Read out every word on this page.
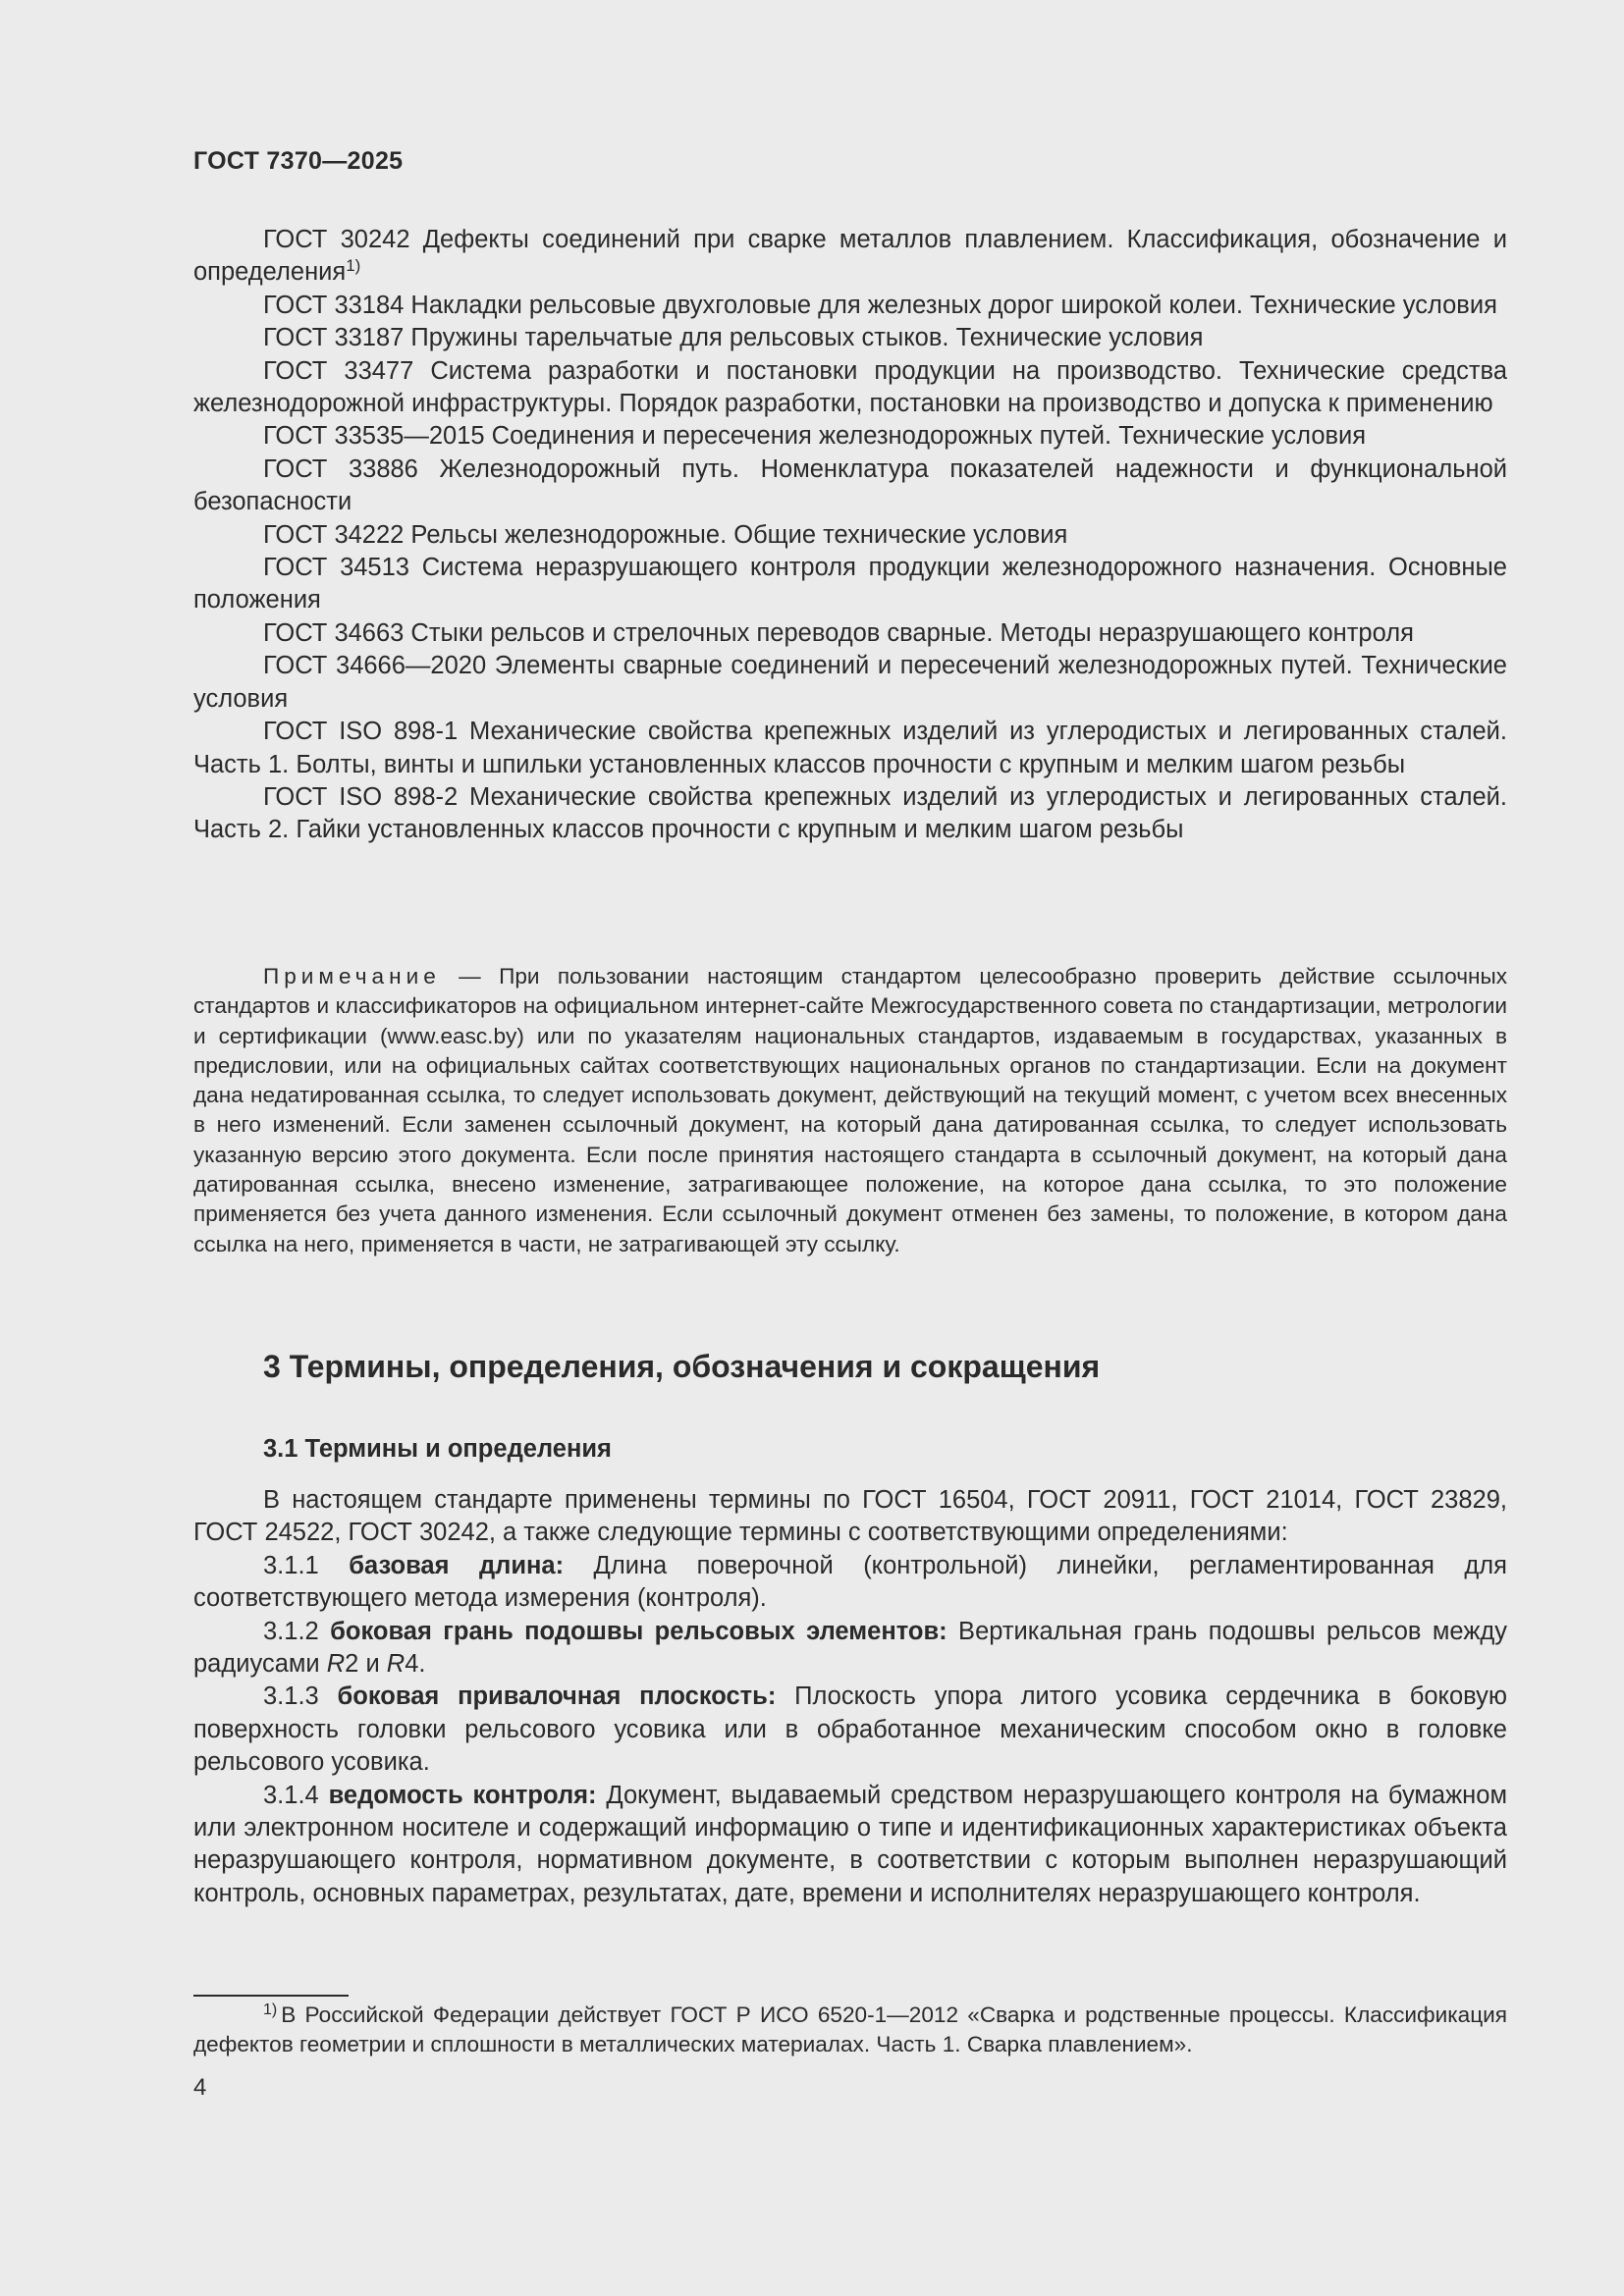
ГОСТ 7370—2025

ГОСТ 30242 Дефекты соединений при сварке металлов плавлением. Классификация, обозначение и определения$^{1)}$

ГОСТ 33184 Накладки рельсовые двухголовые для железных дорог широкой колеи. Технические условия

ГОСТ 33187 Пружины тарельчатые для рельсовых стыков. Технические условия

ГОСТ 33477 Система разработки и постановки продукции на производство. Технические средства железнодорожной инфраструктуры. Порядок разработки, постановки на производство и допуска к применению

ГОСТ 33535—2015 Соединения и пересечения железнодорожных путей. Технические условия

ГОСТ 33886 Железнодорожный путь. Номенклатура показателей надежности и функциональной безопасности

ГОСТ 34222 Рельсы железнодорожные. Общие технические условия

ГОСТ 34513 Система неразрушающего контроля продукции железнодорожного назначения. Основные положения

ГОСТ 34663 Стыки рельсов и стрелочных переводов сварные. Методы неразрушающего контроля

ГОСТ 34666—2020 Элементы сварные соединений и пересечений железнодорожных путей. Технические условия

ГОСТ ISO 898-1 Механические свойства крепежных изделий из углеродистых и легированных сталей. Часть 1. Болты, винты и шпильки установленных классов прочности с крупным и мелким шагом резьбы

ГОСТ ISO 898-2 Механические свойства крепежных изделий из углеродистых и легированных сталей. Часть 2. Гайки установленных классов прочности с крупным и мелким шагом резьбы

Примечание — При пользовании настоящим стандартом целесообразно проверить действие ссылочных стандартов и классификаторов на официальном интернет-сайте Межгосударственного совета по стандартизации, метрологии и сертификации (www.easc.by) или по указателям национальных стандартов, издаваемым в государствах, указанных в предисловии, или на официальных сайтах соответствующих национальных органов по стандартизации. Если на документ дана недатированная ссылка, то следует использовать документ, действующий на текущий момент, с учетом всех внесенных в него изменений. Если заменен ссылочный документ, на который дана датированная ссылка, то следует использовать указанную версию этого документа. Если после принятия настоящего стандарта в ссылочный документ, на который дана датированная ссылка, внесено изменение, затрагивающее положение, на которое дана ссылка, то это положение применяется без учета данного изменения. Если ссылочный документ отменен без замены, то положение, в котором дана ссылка на него, применяется в части, не затрагивающей эту ссылку.

3 Термины, определения, обозначения и сокращения
3.1 Термины и определения

В настоящем стандарте применены термины по ГОСТ 16504, ГОСТ 20911, ГОСТ 21014, ГОСТ 23829, ГОСТ 24522, ГОСТ 30242, а также следующие термины с соответствующими определениями:

3.1.1 базовая длина: Длина поверочной (контрольной) линейки, регламентированная для соответствующего метода измерения (контроля).

3.1.2 боковая грань подошвы рельсовых элементов: Вертикальная грань подошвы рельсов между радиусами R2 и R4.

3.1.3 боковая привалочная плоскость: Плоскость упора литого усовика сердечника в боковую поверхность головки рельсового усовика или в обработанное механическим способом окно в головке рельсового усовика.

3.1.4 ведомость контроля: Документ, выдаваемый средством неразрушающего контроля на бумажном или электронном носителе и содержащий информацию о типе и идентификационных характеристиках объекта неразрушающего контроля, нормативном документе, в соответствии с которым выполнен неразрушающий контроль, основных параметрах, результатах, дате, времени и исполнителях неразрушающего контроля.

$^{1)}$ В Российской Федерации действует ГОСТ Р ИСО 6520-1—2012 «Сварка и родственные процессы. Классификация дефектов геометрии и сплошности в металлических материалах. Часть 1. Сварка плавлением».

4
